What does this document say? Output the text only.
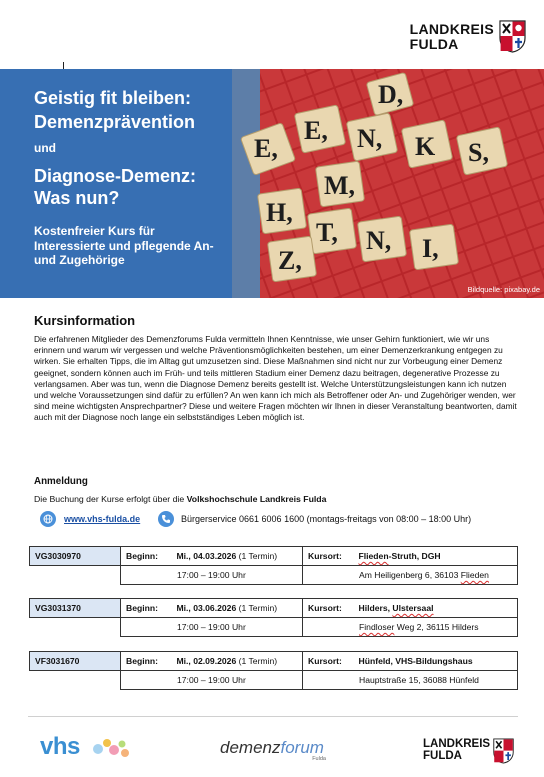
LANDKREIS
FULDA
D,
E, N, K
M,
E,
H,
T, N, I,
S,
Z,
Geistig fit bleiben:
Demenzprävention
und
Diagnose-Demenz:
Was nun?
Kostenfreier Kurs für Interessierte und pflegende An- und Zugehörige
Bildquelle: pixabay.de
Kursinformation
Die erfahrenen Mitglieder des Demenzforums Fulda vermitteln Ihnen Kenntnisse, wie unser Gehirn funktioniert, wie wir uns erinnern und warum wir vergessen und welche Präventionsmöglichkeiten bestehen, um einer Demenzerkrankung entgegen zu wirken. Sie erhalten Tipps, die im Alltag gut umzusetzen sind. Diese Maßnahmen sind nicht nur zur Vorbeugung einer Demenz geeignet, sondern können auch im Früh- und teils mittleren Stadium einer Demenz dazu beitragen, degenerative Prozesse zu verlangsamen. Aber was tun, wenn die Diagnose Demenz bereits gestellt ist. Welche Unterstützungsleistungen kann ich nutzen und welche Voraussetzungen sind dafür zu erfüllen? An wen kann ich mich als Betroffener oder An- und Zugehöriger wenden, wer sind meine wichtigsten Ansprechpartner? Diese und weitere Fragen möchten wir Ihnen in dieser Veranstaltung beantworten, damit auch mit der Diagnose noch lange ein selbstständiges Leben möglich ist.
Anmeldung
Die Buchung der Kurse erfolgt über die Volkshochschule Landkreis Fulda
www.vhs-fulda.de	Bürgerservice 0661 6006 1600 (montags-freitags von 08:00 – 18:00 Uhr)
VG3030970	Beginn:	Mi., 04.03.2026 (1 Termin)	Kursort:	Flieden-Struth, DGH
	17:00 – 19:00 Uhr		Am Heiligenberg 6, 36103 Flieden	
VG3031370	Beginn:	Mi., 03.06.2026 (1 Termin)	Kursort:	Hilders, Ulstersaal
	17:00 – 19:00 Uhr		Findloser Weg 2, 36115 Hilders	
VF3031670	Beginn:	Mi., 02.09.2026 (1 Termin)	Kursort:	Hünfeld, VHS-Bildungshaus
	17:00 – 19:00 Uhr		Hauptstraße 15, 36088 Hünfeld	
vhs	demenzforum
Fulda
LANDKREIS
FULDA
